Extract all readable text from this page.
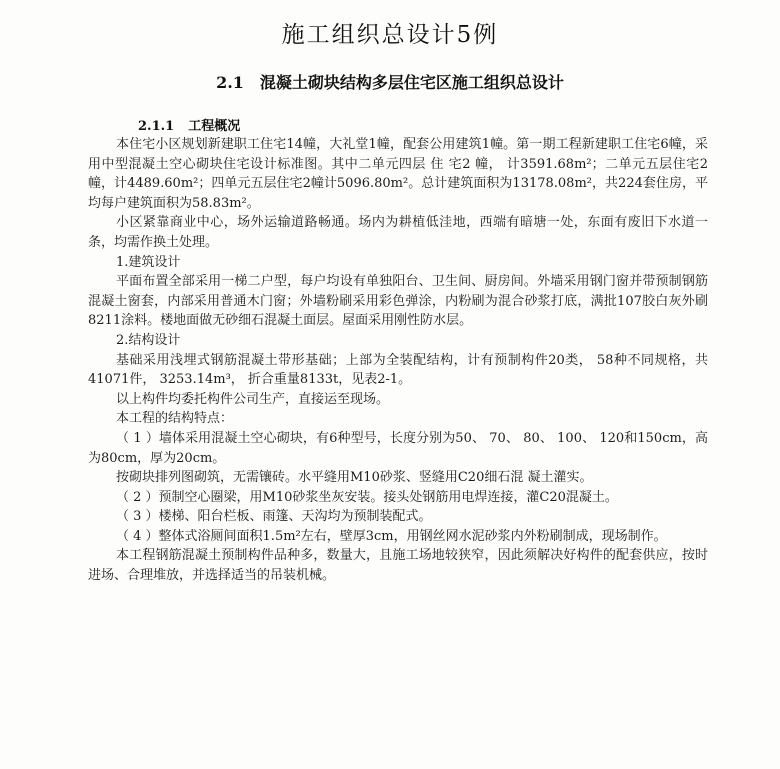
施工组织总设计5例
2.1 混凝土砌块结构多层住宅区施工组织总设计
2.1.1 工程概况

本住宅小区规划新建职工住宅14幢，大礼堂1幢，配套公用建筑1幢。第一期工程新建职工住宅6幢，采用中型混凝土空心砌块住宅设计标准图。其中二单元四层 住 宅2 幢， 计3591.68m²；二单元五层住宅2幢，计4489.60m²；四单元五层住宅2幢计5096.80m²。总计建筑面积为13178.08m²，共224套住房，平均每户建筑面积为58.83m²。

小区紧靠商业中心，场外运输道路畅通。场内为耕植低洼地，西端有暗塘一处，东面有废旧下水道一条，均需作换土处理。

1.建筑设计

平面布置全部采用一梯二户型，每户均设有单独阳台、卫生间、厨房间。外墙采用钢门窗并带预制钢筋混凝土窗套，内部采用普通木门窗；外墙粉刷采用彩色弹涂，内粉刷为混合砂浆打底，满批107胶白灰外刷8211涂料。楼地面做无砂细石混凝土面层。屋面采用刚性防水层。

2.结构设计

基础采用浅埋式钢筋混凝土带形基础；上部为全装配结构，计有预制构件20类， 58种不同规格，共41071件， 3253.14m³， 折合重量8133t，见表2-1。

以上构件均委托构件公司生产，直接运至现场。

本工程的结构特点：

（ 1 ）墙体采用混凝土空心砌块，有6种型号，长度分别为50、 70、 80、 100、 120和150cm，高为80cm，厚为20cm。

按砌块排列图砌筑，无需镶砖。水平缝用M10砂浆、竖缝用C20细石混 凝土灌实。

（ 2 ）预制空心圈梁，用M10砂浆坐灰安装。接头处钢筋用电焊连接，灌C20混凝土。

（ 3 ）楼梯、阳台栏板、雨篷、天沟均为预制装配式。

（ 4 ）整体式浴厕间面积1.5m²左右，壁厚3cm，用钢丝网水泥砂浆内外粉刷制成，现场制作。

本工程钢筋混凝土预制构件品种多，数量大，且施工场地较狭窄，因此须解决好构件的配套供应，按时进场、合理堆放，并选择适当的吊装机械。
